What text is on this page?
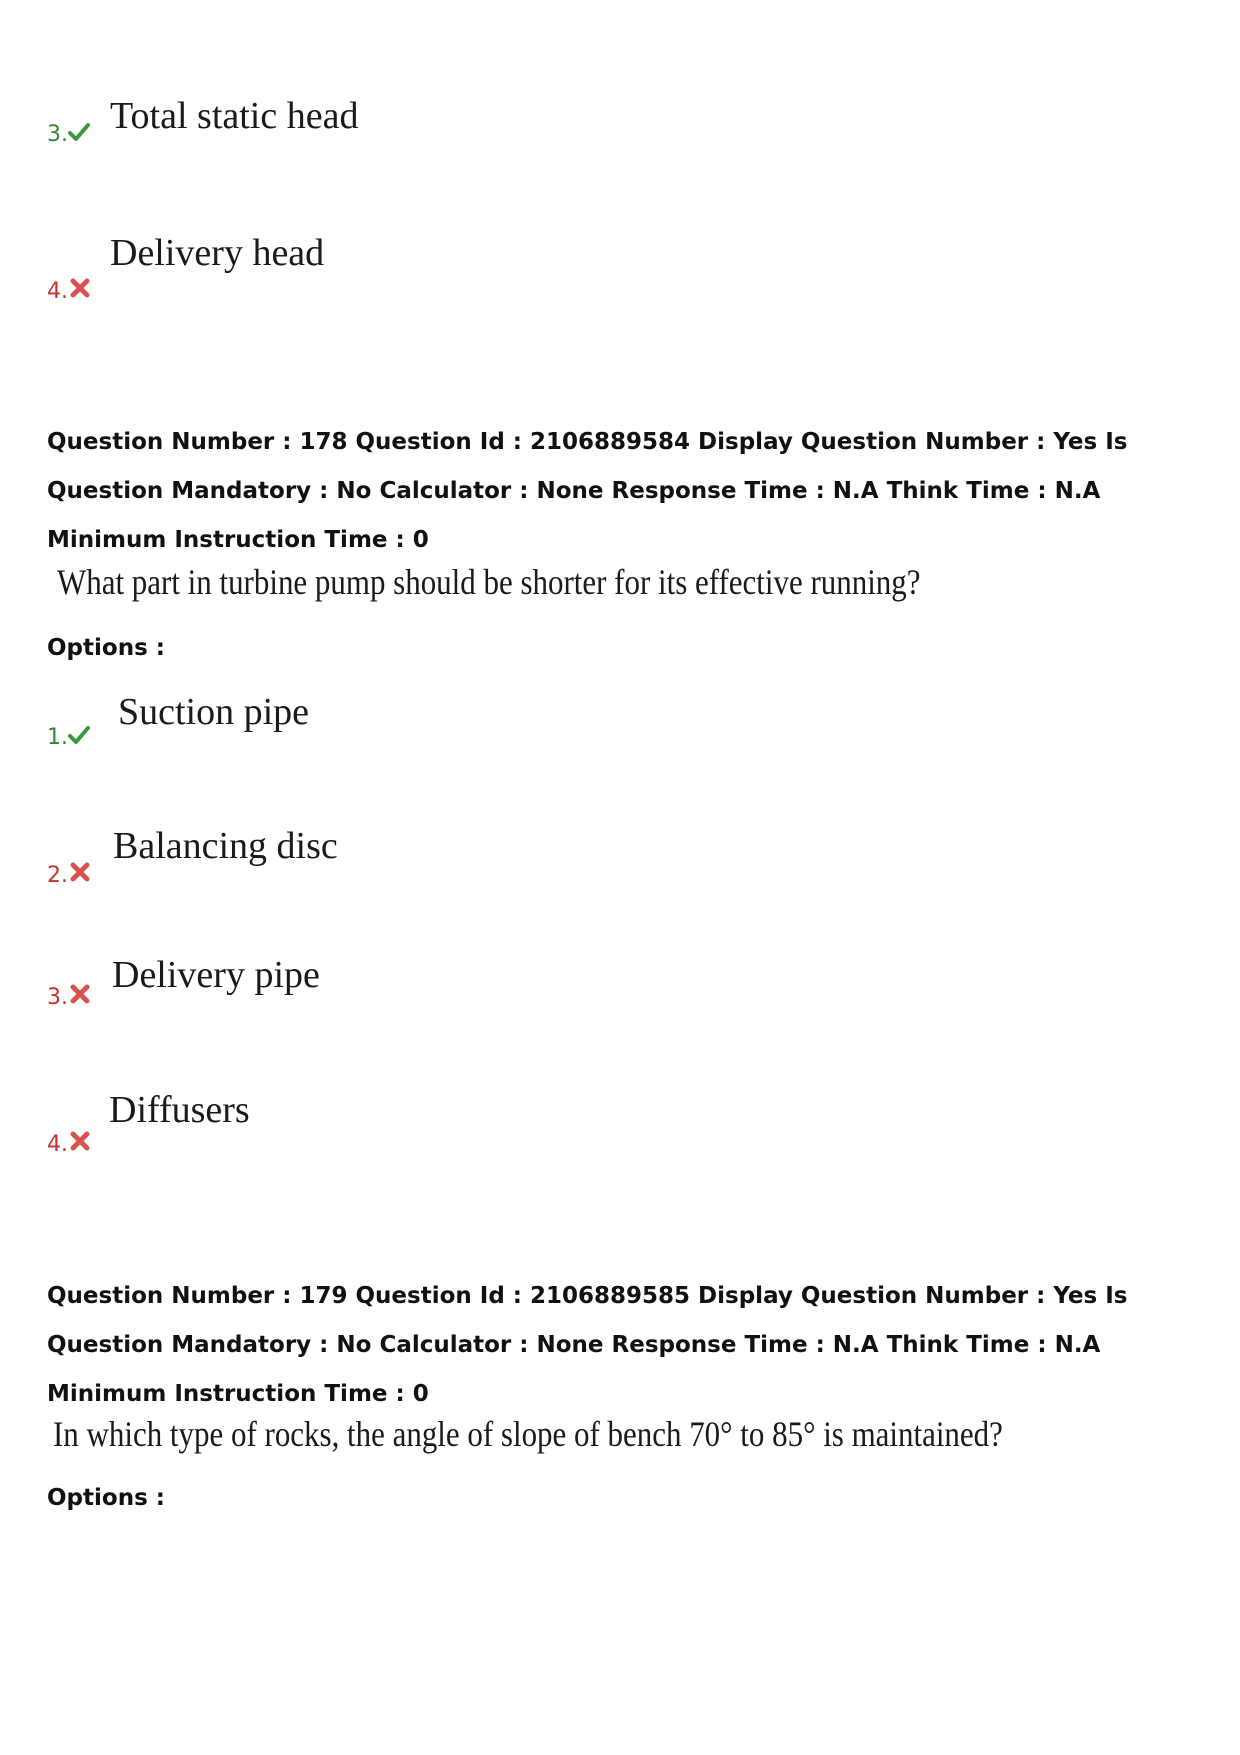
3. Total static head
4.
Delivery head
Question Number : 178 Question Id : 2106889584 Display Question Number : Yes Is Question Mandatory : No Calculator : None Response Time : N.A Think Time : N.A Minimum Instruction Time : 0
What part in turbine pump should be shorter for its effective running?
Options :
1.
Suction pipe
2.
Balancing disc
3.
Delivery pipe
4.
Diffusers
Question Number : 179 Question Id : 2106889585 Display Question Number : Yes Is Question Mandatory : No Calculator : None Response Time : N.A Think Time : N.A Minimum Instruction Time : 0
In which type of rocks, the angle of slope of bench 70° to 85° is maintained?
Options :
